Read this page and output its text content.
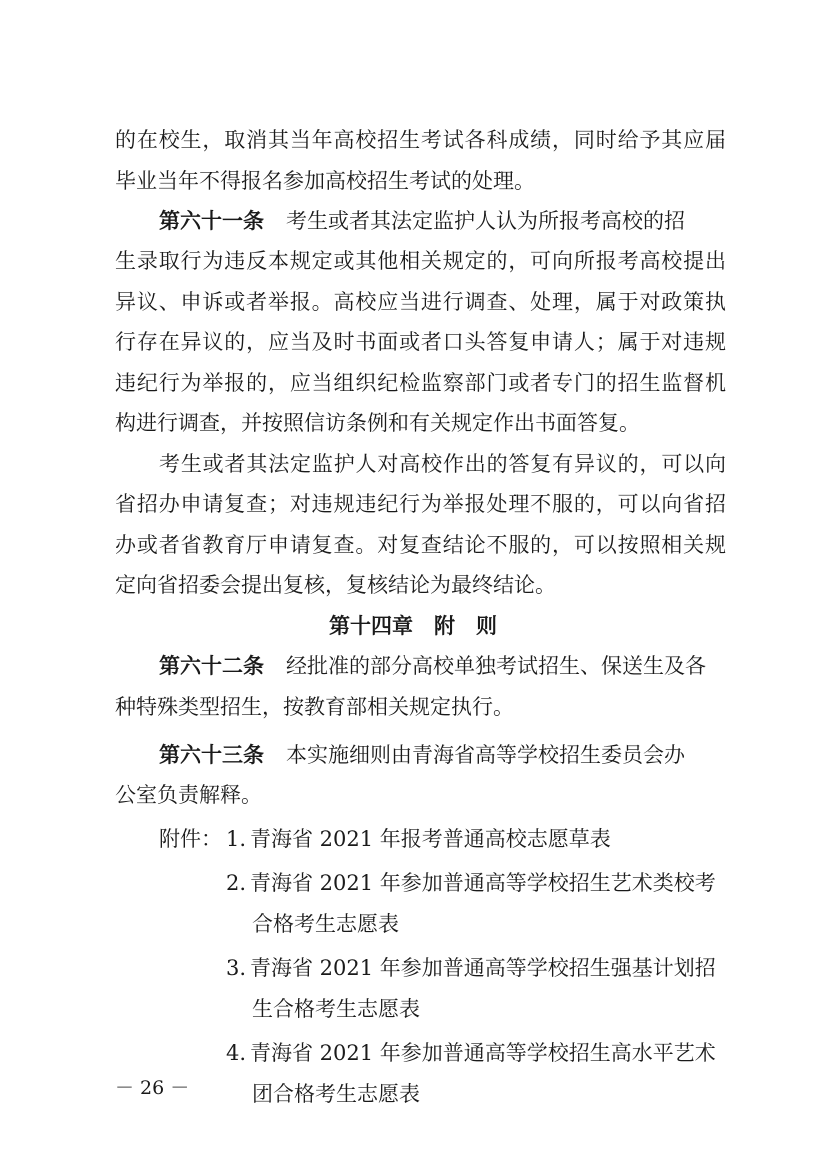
的在校生，取消其当年高校招生考试各科成绩，同时给予其应届
毕业当年不得报名参加高校招生考试的处理。
第六十一条 考生或者其法定监护人认为所报考高校的招
生录取行为违反本规定或其他相关规定的，可向所报考高校提出
异议、申诉或者举报。高校应当进行调查、处理，属于对政策执
行存在异议的，应当及时书面或者口头答复申请人；属于对违规
违纪行为举报的，应当组织纪检监察部门或者专门的招生监督机
构进行调查，并按照信访条例和有关规定作出书面答复。
考生或者其法定监护人对高校作出的答复有异议的，可以向
省招办申请复查；对违规违纪行为举报处理不服的，可以向省招
办或者省教育厅申请复查。对复查结论不服的，可以按照相关规
定向省招委会提出复核，复核结论为最终结论。
第十四章　附　则
第六十二条 经批准的部分高校单独考试招生、保送生及各
种特殊类型招生，按教育部相关规定执行。
第六十三条 本实施细则由青海省高等学校招生委员会办
公室负责解释。
附件： 1. 青海省 2021 年报考普通高校志愿草表
2. 青海省 2021 年参加普通高等学校招生艺术类校考
合格考生志愿表
3. 青海省 2021 年参加普通高等学校招生强基计划招
生合格考生志愿表
4. 青海省 2021 年参加普通高等学校招生高水平艺术
团合格考生志愿表
－ 26 －
